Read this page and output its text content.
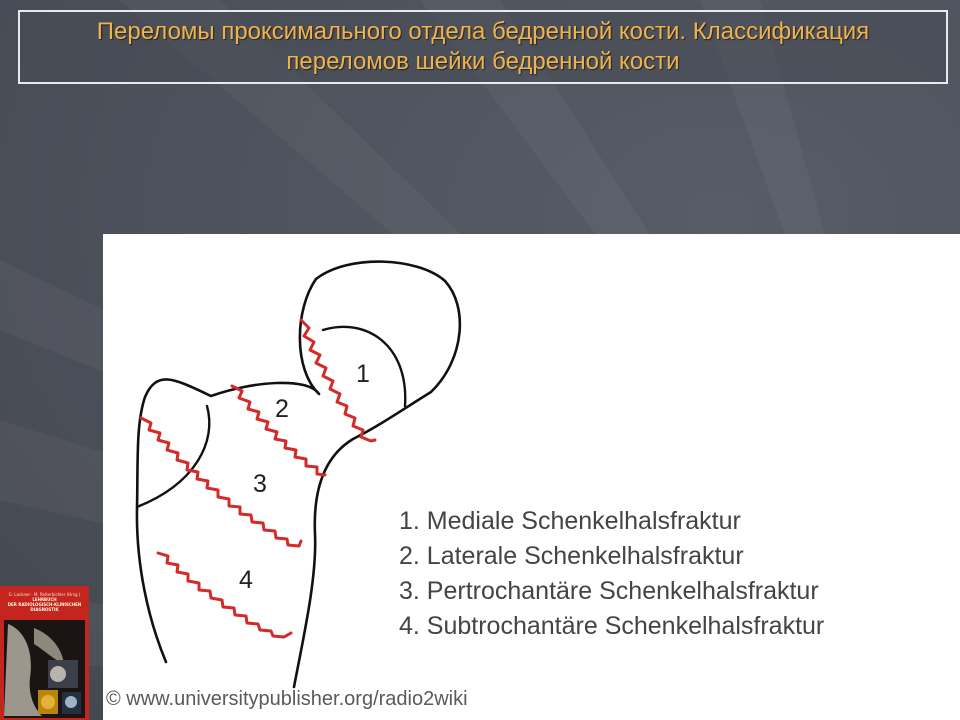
Переломы проксимального отдела бедренной кости. Классификация переломов шейки бедренной кости
1
2
3
4
1. Mediale Schenkelhalsfraktur
2. Laterale Schenkelhalsfraktur
3. Pertrochantäre Schenkelhalsfraktur
4. Subtrochantäre Schenkelhalsfraktur
© www.universitypublisher.org/radio2wiki
G. Lackner · M. Reiterbichler (Hrsg.)
LEHRBUCH
DER RADIOLOGISCH-KLINISCHEN
DIAGNOSTIK
